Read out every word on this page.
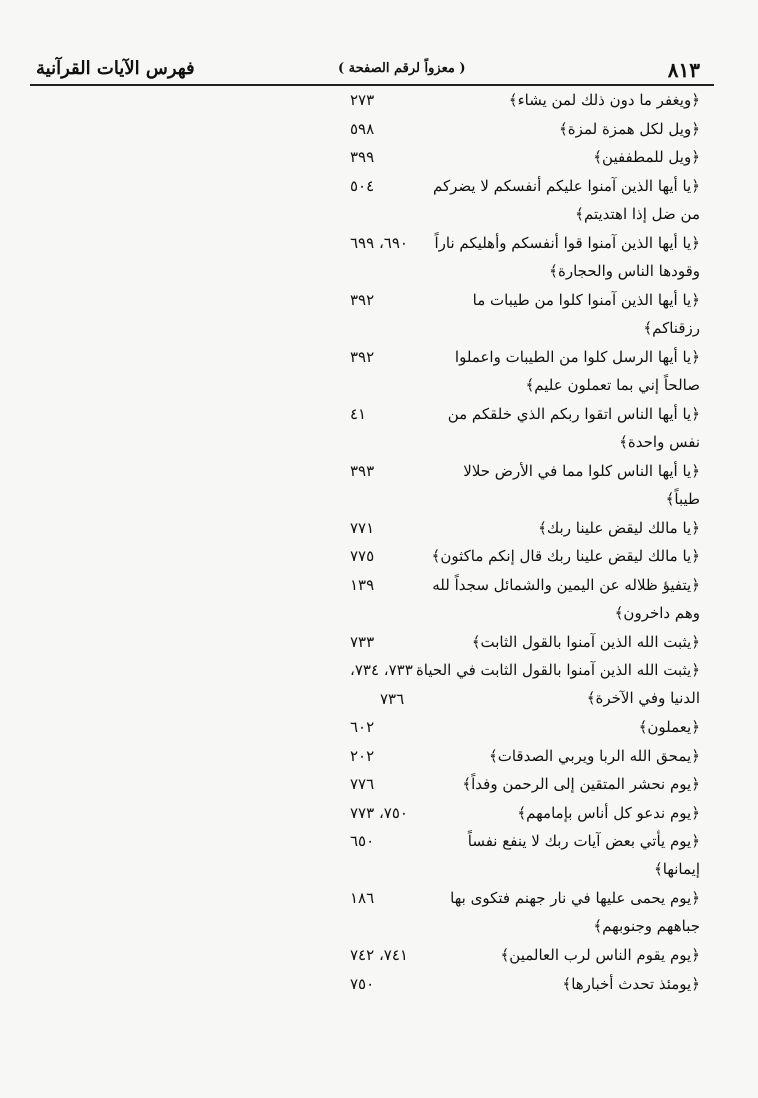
فهرس الآيات القرآنية	( معزواً لرقم الصفحة )	٨١٣
﴿ويغفر ما دون ذلك لمن يشاء﴾
٢٧٣
﴿ويل لكل همزة لمزة﴾
٥٩٨
﴿ويل للمطففين﴾
٣٩٩
﴿يا أيها الذين آمنوا عليكم أنفسكم لا يضركم
من ضل إذا اهتديتم﴾
٥٠٤
﴿يا أيها الذين آمنوا قوا أنفسكم وأهليكم ناراً
وقودها الناس والحجارة﴾
٦٩٠، ٦٩٩
﴿يا أيها الذين آمنوا كلوا من طيبات ما
رزقناكم﴾
٣٩٢
﴿يا أيها الرسل كلوا من الطيبات واعملوا
صالحاً إني بما تعملون عليم﴾
٣٩٢
﴿يا أيها الناس اتقوا ربكم الذي خلقكم من
نفس واحدة﴾
٤١
﴿يا أيها الناس كلوا مما في الأرض حلالا
طيباً﴾
٣٩٣
﴿يا مالك ليقض علينا ربك﴾
٧٧١
﴿يا مالك ليقض علينا ربك قال إنكم ماكثون﴾
٧٧٥
﴿يتفيؤ ظلاله عن اليمين والشمائل سجداً لله
وهم داخرون﴾
١٣٩
﴿يثبت الله الذين آمنوا بالقول الثابت﴾
٧٣٣
﴿يثبت الله الذين آمنوا بالقول الثابت في الحياة
الدنيا وفي الآخرة﴾
٧٣٣، ٧٣٤،
٧٣٦
﴿يعملون﴾
٦٠٢
﴿يمحق الله الربا ويربي الصدقات﴾
٢٠٢
﴿يوم نحشر المتقين إلى الرحمن وفداً﴾
٧٧٦
﴿يوم ندعو كل أناس بإمامهم﴾
٧٥٠، ٧٧٣
﴿يوم يأتي بعض آيات ربك لا ينفع نفساً
إيمانها﴾
٦٥٠
﴿يوم يحمى عليها في نار جهنم فتكوى بها
جباههم وجنوبهم﴾
١٨٦
﴿يوم يقوم الناس لرب العالمين﴾
٧٤١، ٧٤٢
﴿يومئذ تحدث أخبارها﴾
٧٥٠
